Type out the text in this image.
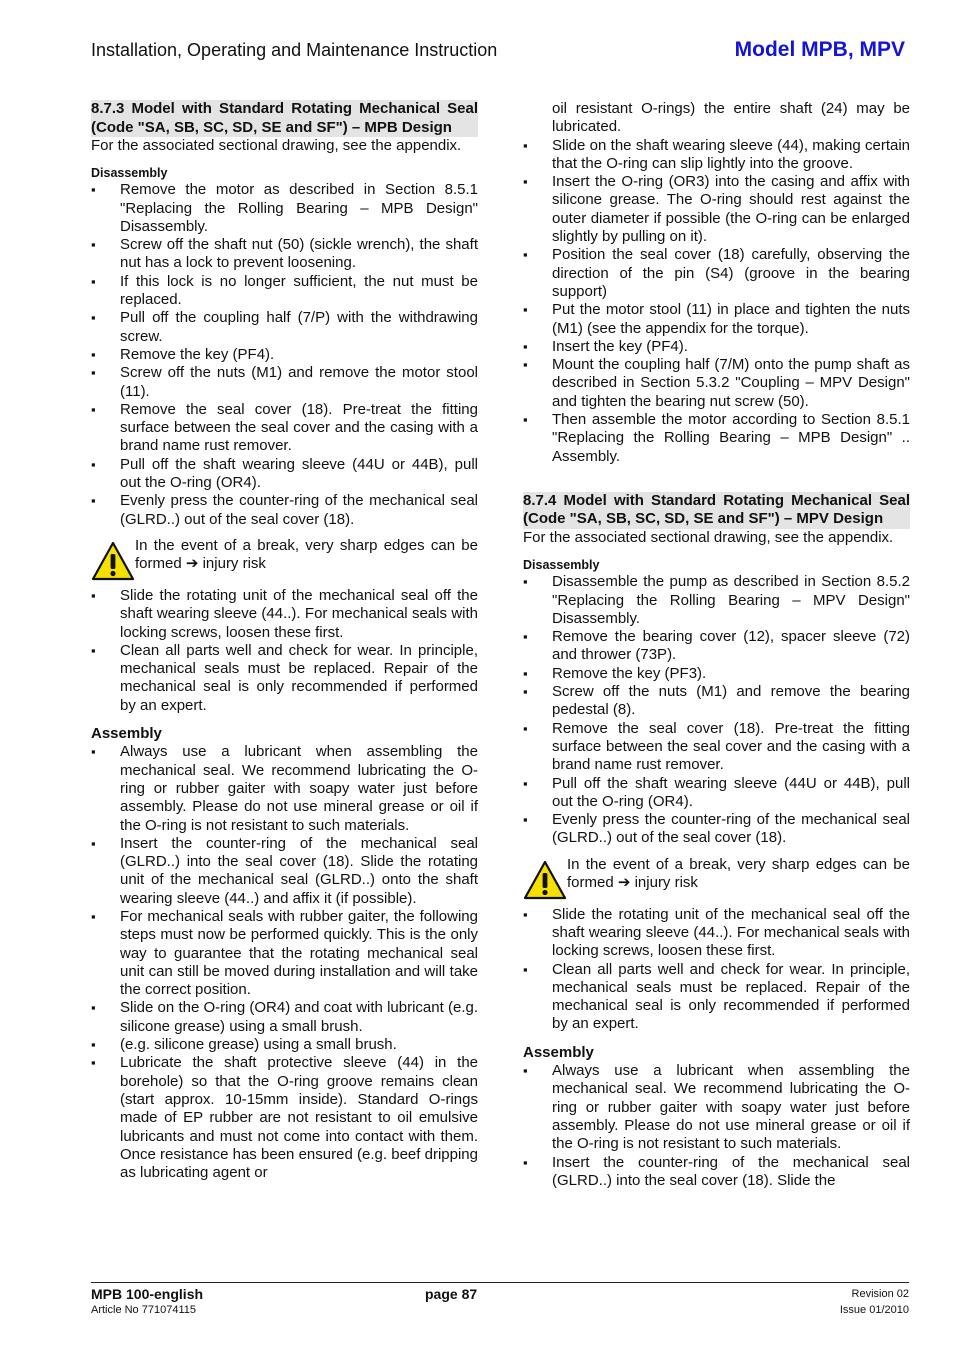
Installation, Operating and Maintenance Instruction	Model MPB, MPV
8.7.3 Model with Standard Rotating Mechanical Seal (Code "SA, SB, SC, SD, SE and SF") – MPB Design

For the associated sectional drawing, see the appendix.

Disassembly
▪ Remove the motor as described in Section 8.5.1 "Replacing the Rolling Bearing – MPB Design" Disassembly.
▪ Screw off the shaft nut (50) (sickle wrench), the shaft nut has a lock to prevent loosening.
▪ If this lock is no longer sufficient, the nut must be replaced.
▪ Pull off the coupling half (7/P) with the withdrawing screw.
▪ Remove the key (PF4).
▪ Screw off the nuts (M1) and remove the motor stool (11).
▪ Remove the seal cover (18). Pre-treat the fitting surface between the seal cover and the casing with a brand name rust remover.
▪ Pull off the shaft wearing sleeve (44U or 44B), pull out the O-ring (OR4).
▪ Evenly press the counter-ring of the mechanical seal (GLRD..) out of the seal cover (18).
In the event of a break, very sharp edges can be formed ➔ injury risk
▪ Slide the rotating unit of the mechanical seal off the shaft wearing sleeve (44..). For mechanical seals with locking screws, loosen these first.
▪ Clean all parts well and check for wear. In principle, mechanical seals must be replaced. Repair of the mechanical seal is only recommended if performed by an expert.
Assembly
▪ Always use a lubricant when assembling the mechanical seal. We recommend lubricating the O-ring or rubber gaiter with soapy water just before assembly. Please do not use mineral grease or oil if the O-ring is not resistant to such materials.
▪ Insert the counter-ring of the mechanical seal (GLRD..) into the seal cover (18). Slide the rotating unit of the mechanical seal (GLRD..) onto the shaft wearing sleeve (44..) and affix it (if possible).
▪ For mechanical seals with rubber gaiter, the following steps must now be performed quickly. This is the only way to guarantee that the rotating mechanical seal unit can still be moved during installation and will take the correct position.
▪ Slide on the O-ring (OR4) and coat with lubricant (e.g. silicone grease) using a small brush.
▪ (e.g. silicone grease) using a small brush.
▪ Lubricate the shaft protective sleeve (44) in the borehole) so that the O-ring groove remains clean (start approx. 10-15mm inside). Standard O-rings made of EP rubber are not resistant to oil emulsive lubricants and must not come into contact with them. Once resistance has been ensured (e.g. beef dripping as lubricating agent or

oil resistant O-rings) the entire shaft (24) may be lubricated.

▪ Slide on the shaft wearing sleeve (44), making certain that the O-ring can slip lightly into the groove.
▪ Insert the O-ring (OR3) into the casing and affix with silicone grease. The O-ring should rest against the outer diameter if possible (the O-ring can be enlarged slightly by pulling on it).
▪ Position the seal cover (18) carefully, observing the direction of the pin (S4) (groove in the bearing support)
▪ Put the motor stool (11) in place and tighten the nuts (M1) (see the appendix for the torque).
▪ Insert the key (PF4).
▪ Mount the coupling half (7/M) onto the pump shaft as described in Section 5.3.2 "Coupling – MPV Design" and tighten the bearing nut screw (50).
▪ Then assemble the motor according to Section 8.5.1 "Replacing the Rolling Bearing – MPB Design" .. Assembly.
8.7.4 Model with Standard Rotating Mechanical Seal (Code "SA, SB, SC, SD, SE and SF") – MPV Design

For the associated sectional drawing, see the appendix.

Disassembly
▪ Disassemble the pump as described in Section 8.5.2 "Replacing the Rolling Bearing – MPV Design" Disassembly.
▪ Remove the bearing cover (12), spacer sleeve (72) and thrower (73P).
▪ Remove the key (PF3).
▪ Screw off the nuts (M1) and remove the bearing pedestal (8).
▪ Remove the seal cover (18). Pre-treat the fitting surface between the seal cover and the casing with a brand name rust remover.
▪ Pull off the shaft wearing sleeve (44U or 44B), pull out the O-ring (OR4).
▪ Evenly press the counter-ring of the mechanical seal (GLRD..) out of the seal cover (18).
In the event of a break, very sharp edges can be formed ➔ injury risk
▪ Slide the rotating unit of the mechanical seal off the shaft wearing sleeve (44..). For mechanical seals with locking screws, loosen these first.
▪ Clean all parts well and check for wear. In principle, mechanical seals must be replaced. Repair of the mechanical seal is only recommended if performed by an expert.
Assembly
▪ Always use a lubricant when assembling the mechanical seal. We recommend lubricating the O-ring or rubber gaiter with soapy water just before assembly. Please do not use mineral grease or oil if the O-ring is not resistant to such materials.
▪ Insert the counter-ring of the mechanical seal (GLRD..) into the seal cover (18). Slide the
MPB 100-english
Article No 771074115
page 87	Revision 02
Issue 01/2010
